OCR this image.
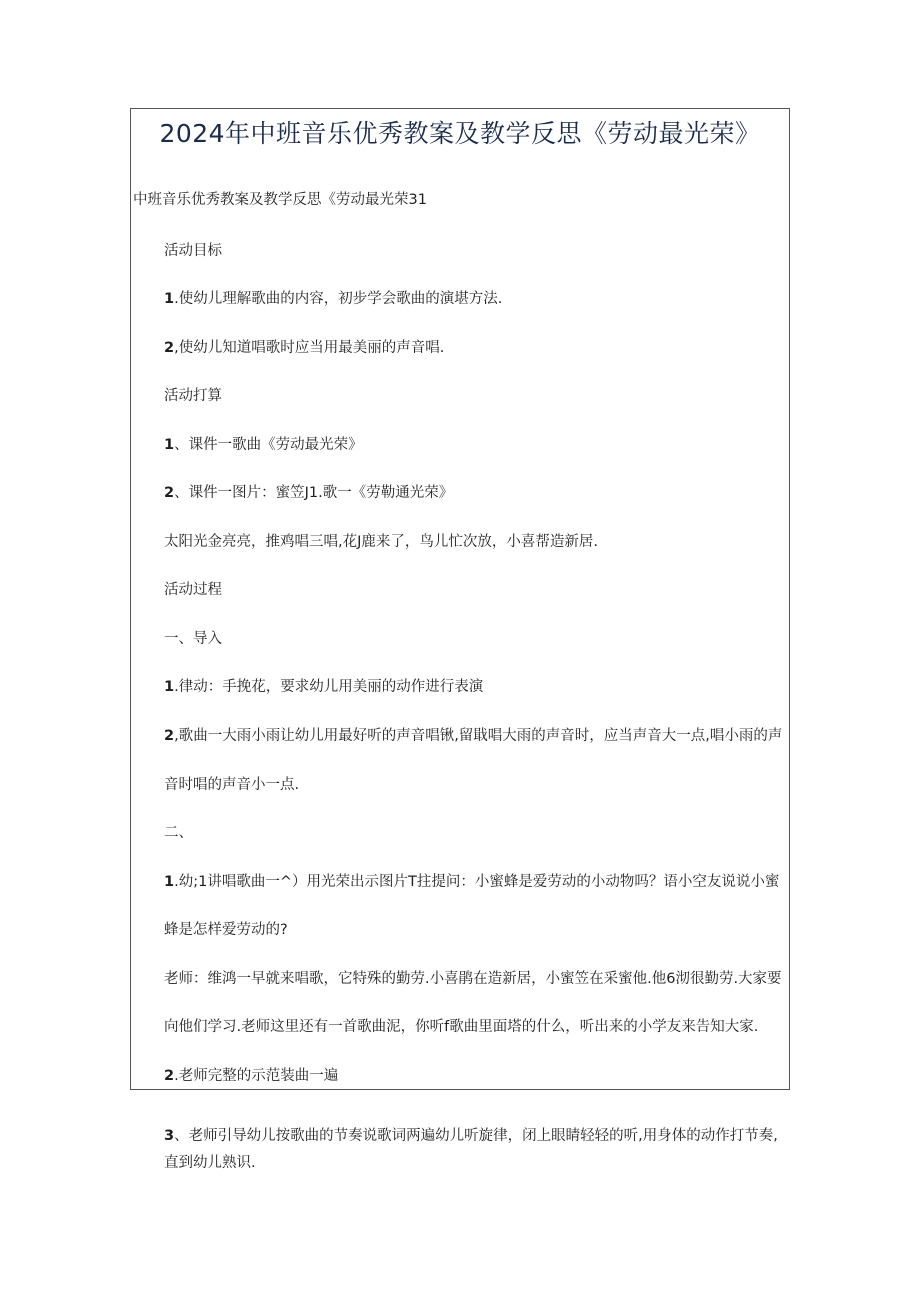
2024年中班音乐优秀教案及教学反思《劳动最光荣》
中班音乐优秀教案及教学反思《劳动最光荣31
活动目标
1.使幼儿理解歌曲的内容，初步学会歌曲的演堪方法.
2,使幼儿知道唱歌时应当用最美丽的声音唱.
活动打算
1、课件一歌曲《劳动最光荣》
2、课件一图片：蜜笠J1.歌一《劳勒通光荣》
太阳光金亮亮，推鸡唱三唱,花J鹿来了，鸟儿忙次放，小喜帮造新居.
活动过程
一、导入
1.律动：手挽花，要求幼儿用美丽的动作进行表演
2,歌曲一大雨小雨让幼儿用最好听的声音唱锹,留戢唱大雨的声音时，应当声音大一点,唱小雨的声
音时唱的声音小一点.
二、
1.幼;1讲唱歌曲一^）用光荣出示图片T拄提问：小蜜蜂是爱劳动的小动物吗？语小空友说说小蜜
蜂是怎样爱劳动的?
老师：维鸿一早就来唱歌，它特殊的勤劳.小喜鹃在造新居，小蜜笠在采蜜他.他6沏很勤劳.大家要
向他们学习.老师这里还有一首歌曲泥，你听f歌曲里面塔的什么，听出来的小学友来告知大家.
2.老师完整的示范装曲一遍
3、老师引导幼儿按歌曲的节奏说歌词两遍幼儿听旋律，闭上眼睛轻轻的听,用身体的动作打节奏,
直到幼儿熟识.
